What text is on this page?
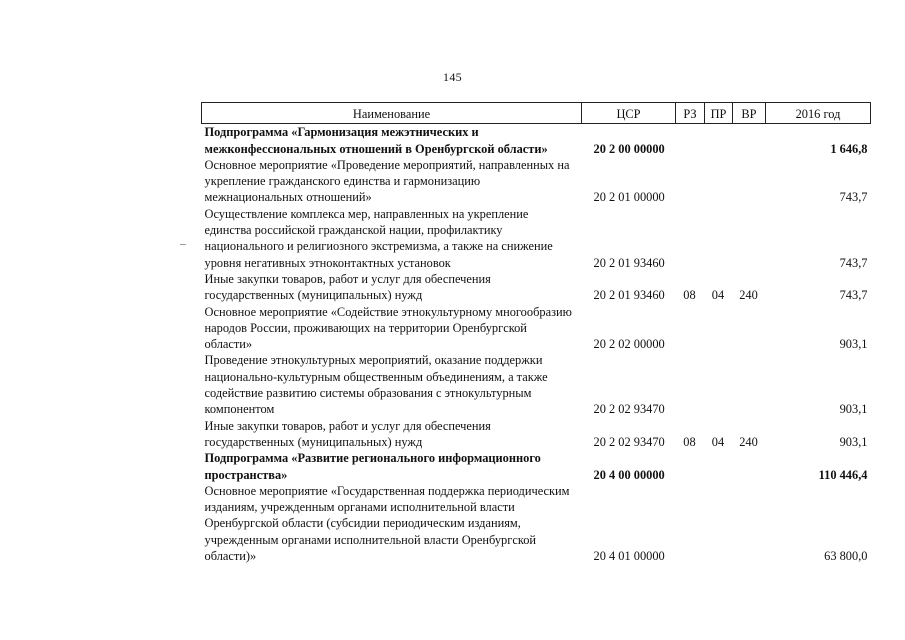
145
Наименование	ЦСР	РЗ	ПР	ВР	2016 год
Подпрограмма «Гармонизация межэтнических и межконфессиональных отношений в Оренбургской области»	20 2 00 00000				1 646,8
Основное мероприятие «Проведение мероприятий, направленных на укрепление гражданского единства и гармонизацию межнациональных отношений»	20 2 01 00000				743,7
Осуществление комплекса мер, направленных на укрепление единства российской гражданской нации, профилактику национального и религиозного экстремизма, а также на снижение уровня негативных этноконтактных установок	20 2 01 93460				743,7
Иные закупки товаров, работ и услуг для обеспечения государственных (муниципальных) нужд	20 2 01 93460	08	04	240	743,7
Основное мероприятие «Содействие этнокультурному многообразию народов России, проживающих на территории Оренбургской области»	20 2 02 00000				903,1
Проведение этнокультурных мероприятий, оказание поддержки национально-культурным общественным объединениям, а также содействие развитию системы образования с этнокультурным компонентом	20 2 02 93470				903,1
Иные закупки товаров, работ и услуг для обеспечения государственных (муниципальных) нужд	20 2 02 93470	08	04	240	903,1
Подпрограмма «Развитие регионального информационного пространства»	20 4 00 00000				110 446,4
Основное мероприятие «Государственная поддержка периодическим изданиям, учрежденным органами исполнительной власти Оренбургской области (субсидии периодическим изданиям, учрежденным органами исполнительной власти Оренбургской области)»	20 4 01 00000				63 800,0
